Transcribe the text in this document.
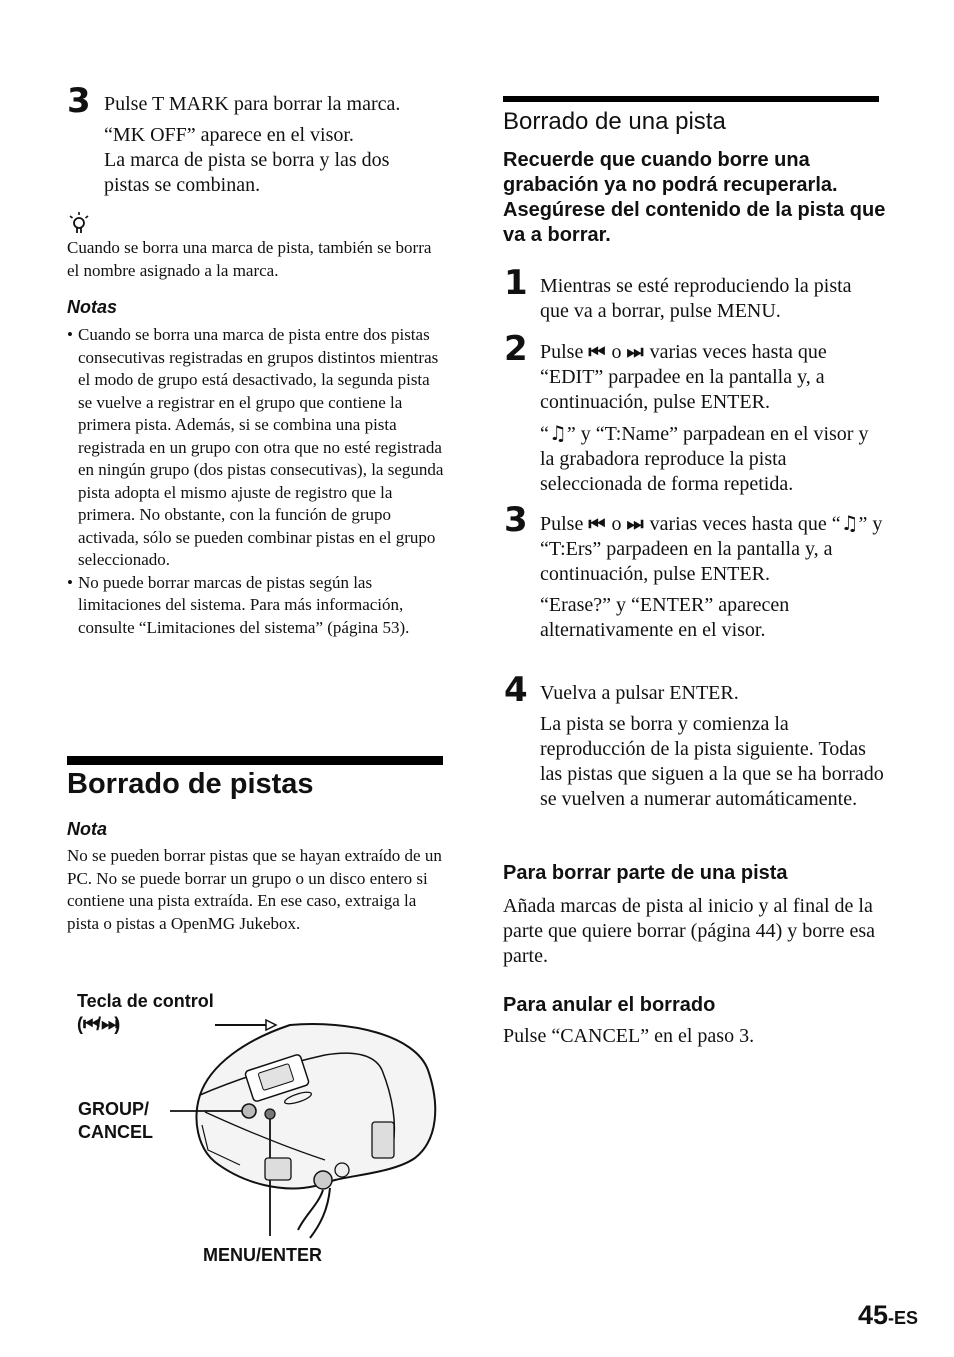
3 Pulse T MARK para borrar la marca.
“MK OFF” aparece en el visor.
La marca de pista se borra y las dos
pistas se combinan.
Cuando se borra una marca de pista, también se borra el nombre asignado a la marca.
Notas
• Cuando se borra una marca de pista entre dos pistas consecutivas registradas en grupos distintos mientras el modo de grupo está desactivado, la segunda pista se vuelve a registrar en el grupo que contiene la primera pista. Además, si se combina una pista registrada en un grupo con otra que no esté registrada en ningún grupo (dos pistas consecutivas), la segunda pista adopta el mismo ajuste de registro que la primera. No obstante, con la función de grupo activada, sólo se pueden combinar pistas en el grupo seleccionado.
• No puede borrar marcas de pistas según las limitaciones del sistema. Para más información, consulte “Limitaciones del sistema” (página 53).
Borrado de pistas
Nota
No se pueden borrar pistas que se hayan extraído de un PC. No se puede borrar un grupo o un disco entero si contiene una pista extraída. En ese caso, extraiga la pista o pistas a OpenMG Jukebox.
Tecla de control
(⏮/⏭)
GROUP/
CANCEL
MENU/ENTER
Borrado de una pista
Recuerde que cuando borre una grabación ya no podrá recuperarla. Asegúrese del contenido de la pista que va a borrar.
1 Mientras se esté reproduciendo la pista que va a borrar, pulse MENU.
2 Pulse ⏮ o ⏭ varias veces hasta que “EDIT” parpadee en la pantalla y, a continuación, pulse ENTER.
“♫” y “T:Name” parpadean en el visor y la grabadora reproduce la pista seleccionada de forma repetida.
3 Pulse ⏮ o ⏭ varias veces hasta que “♫” y “T:Ers” parpadeen en la pantalla y, a continuación, pulse ENTER.
“Erase?” y “ENTER” aparecen alternativamente en el visor.
4 Vuelva a pulsar ENTER.
La pista se borra y comienza la reproducción de la pista siguiente. Todas las pistas que siguen a la que se ha borrado se vuelven a numerar automáticamente.
Para borrar parte de una pista
Añada marcas de pista al inicio y al final de la parte que quiere borrar (página 44) y borre esa parte.
Para anular el borrado
Pulse “CANCEL” en el paso 3.
45-ES
